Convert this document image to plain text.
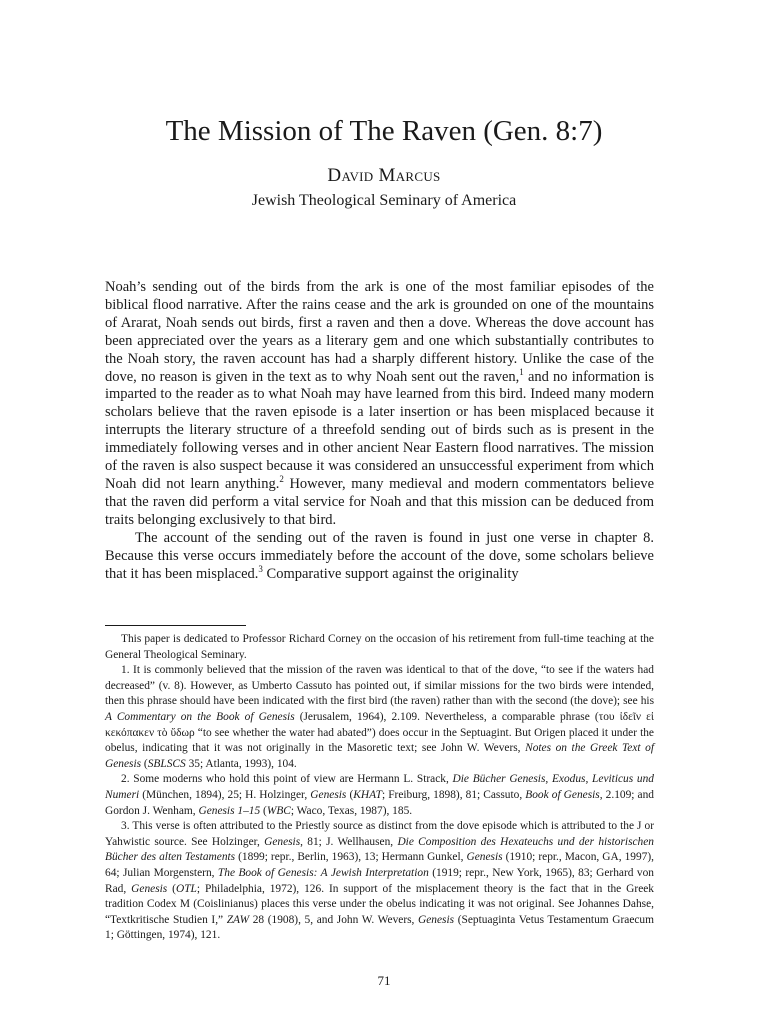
The Mission of The Raven (Gen. 8:7)
David Marcus
Jewish Theological Seminary of America

Noah’s sending out of the birds from the ark is one of the most familiar episodes of the biblical flood narrative. After the rains cease and the ark is grounded on one of the mountains of Ararat, Noah sends out birds, first a raven and then a dove. Whereas the dove account has been appreciated over the years as a literary gem and one which substantially contributes to the Noah story, the raven account has had a sharply different history. Unlike the case of the dove, no reason is given in the text as to why Noah sent out the raven,$^1$ and no information is imparted to the reader as to what Noah may have learned from this bird. Indeed many modern scholars believe that the raven episode is a later insertion or has been misplaced because it interrupts the literary structure of a threefold sending out of birds such as is present in the immediately following verses and in other ancient Near Eastern flood narratives. The mission of the raven is also suspect because it was considered an unsuccessful experiment from which Noah did not learn anything.$^2$ However, many medieval and modern commentators believe that the raven did perform a vital service for Noah and that this mission can be deduced from traits belonging exclusively to that bird.

The account of the sending out of the raven is found in just one verse in chapter 8. Because this verse occurs immediately before the account of the dove, some scholars believe that it has been misplaced.$^3$ Comparative support against the originality

This paper is dedicated to Professor Richard Corney on the occasion of his retirement from full-time teaching at the General Theological Seminary.

1. It is commonly believed that the mission of the raven was identical to that of the dove, “to see if the waters had decreased” (v. 8). However, as Umberto Cassuto has pointed out, if similar missions for the two birds were intended, then this phrase should have been indicated with the first bird (the raven) rather than with the second (the dove); see his A Commentary on the Book of Genesis (Jerusalem, 1964), 2.109. Nevertheless, a comparable phrase (του ἰδεῖν εἰ κεκόπακεν τὸ ὕδωρ “to see whether the water had abated”) does occur in the Septuagint. But Origen placed it under the obelus, indicating that it was not originally in the Masoretic text; see John W. Wevers, Notes on the Greek Text of Genesis (SBLSCS 35; Atlanta, 1993), 104.

2. Some moderns who hold this point of view are Hermann L. Strack, Die Bücher Genesis, Exodus, Leviticus und Numeri (München, 1894), 25; H. Holzinger, Genesis (KHAT; Freiburg, 1898), 81; Cassuto, Book of Genesis, 2.109; and Gordon J. Wenham, Genesis 1–15 (WBC; Waco, Texas, 1987), 185.

3. This verse is often attributed to the Priestly source as distinct from the dove episode which is attributed to the J or Yahwistic source. See Holzinger, Genesis, 81; J. Wellhausen, Die Composition des Hexateuchs und der historischen Bücher des alten Testaments (1899; repr., Berlin, 1963), 13; Hermann Gunkel, Genesis (1910; repr., Macon, GA, 1997), 64; Julian Morgenstern, The Book of Genesis: A Jewish Interpretation (1919; repr., New York, 1965), 83; Gerhard von Rad, Genesis (OTL; Philadelphia, 1972), 126. In support of the misplacement theory is the fact that in the Greek tradition Codex M (Coislinianus) places this verse under the obelus indicating it was not original. See Johannes Dahse, “Textkritische Studien I,” ZAW 28 (1908), 5, and John W. Wevers, Genesis (Septuaginta Vetus Testamentum Graecum 1; Göttingen, 1974), 121.

71
